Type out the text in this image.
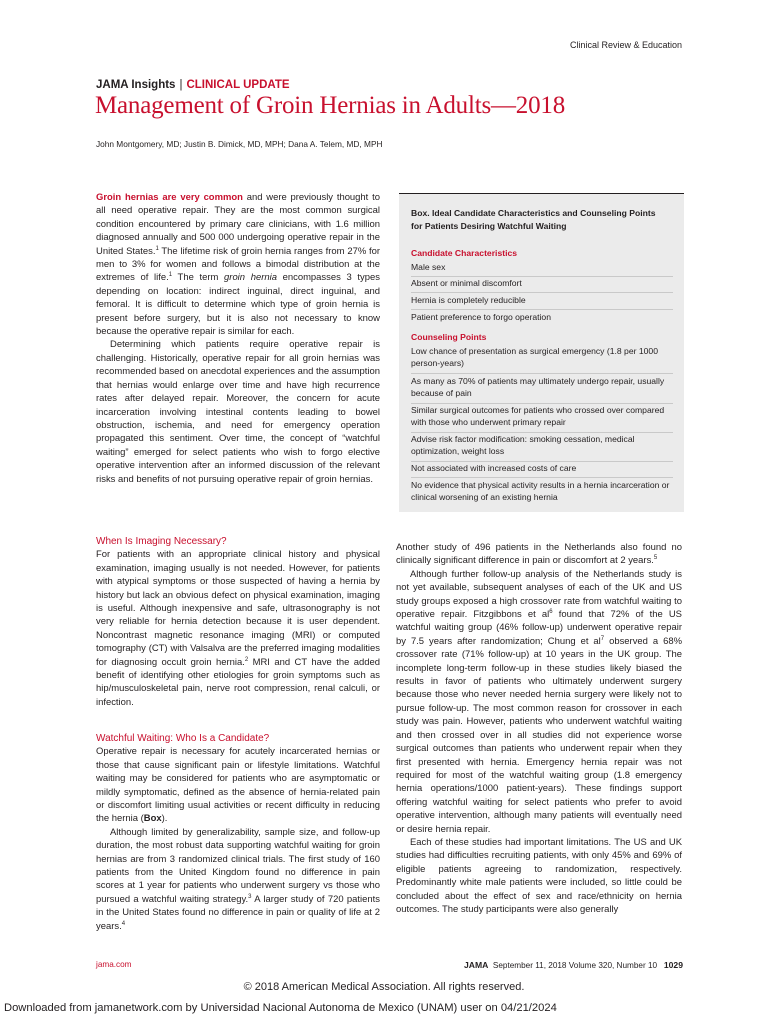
Clinical Review & Education
JAMA Insights | CLINICAL UPDATE
Management of Groin Hernias in Adults—2018
John Montgomery, MD; Justin B. Dimick, MD, MPH; Dana A. Telem, MD, MPH

Groin hernias are very common and were previously thought to all need operative repair. They are the most common surgical condition encountered by primary care clinicians, with 1.6 million diagnosed annually and 500 000 undergoing operative repair in the United States.$^1$ The lifetime risk of groin hernia ranges from 27% for men to 3% for women and follows a bimodal distribution at the extremes of life.$^1$ The term groin hernia encompasses 3 types depending on location: indirect inguinal, direct inguinal, and femoral. It is difficult to determine which type of groin hernia is present before surgery, but it is also not necessary to know because the operative repair is similar for each.

Determining which patients require operative repair is challenging. Historically, operative repair for all groin hernias was recommended based on anecdotal experiences and the assumption that hernias would enlarge over time and have high recurrence rates after delayed repair. Moreover, the concern for acute incarceration involving intestinal contents leading to bowel obstruction, ischemia, and need for emergency operation propagated this sentiment. Over time, the concept of “watchful waiting” emerged for select patients who wish to forgo elective operative intervention after an informed discussion of the relevant risks and benefits of not pursuing operative repair of groin hernias.

When Is Imaging Necessary?

For patients with an appropriate clinical history and physical examination, imaging usually is not needed. However, for patients with atypical symptoms or those suspected of having a hernia by history but lack an obvious defect on physical examination, imaging is useful. Although inexpensive and safe, ultrasonography is not very reliable for hernia detection because it is user dependent. Noncontrast magnetic resonance imaging (MRI) or computed tomography (CT) with Valsalva are the preferred imaging modalities for diagnosing occult groin hernia.$^2$ MRI and CT have the added benefit of identifying other etiologies for groin symptoms such as hip/musculoskeletal pain, nerve root compression, renal calculi, or infection.

Watchful Waiting: Who Is a Candidate?

Operative repair is necessary for acutely incarcerated hernias or those that cause significant pain or lifestyle limitations. Watchful waiting may be considered for patients who are asymptomatic or mildly symptomatic, defined as the absence of hernia-related pain or discomfort limiting usual activities or recent difficulty in reducing the hernia (Box).

Although limited by generalizability, sample size, and follow-up duration, the most robust data supporting watchful waiting for groin hernias are from 3 randomized clinical trials. The first study of 160 patients from the United Kingdom found no difference in pain scores at 1 year for patients who underwent surgery vs those who pursued a watchful waiting strategy.$^3$ A larger study of 720 patients in the United States found no difference in pain or quality of life at 2 years.$^4$

Box. Ideal Candidate Characteristics and Counseling Points for Patients Desiring Watchful Waiting
Candidate Characteristics
Male sex
Absent or minimal discomfort
Hernia is completely reducible
Patient preference to forgo operation
Counseling Points
Low chance of presentation as surgical emergency (1.8 per 1000 person-years)
As many as 70% of patients may ultimately undergo repair, usually because of pain
Similar surgical outcomes for patients who crossed over compared with those who underwent primary repair
Advise risk factor modification: smoking cessation, medical optimization, weight loss
Not associated with increased costs of care
No evidence that physical activity results in a hernia incarceration or clinical worsening of an existing hernia

Another study of 496 patients in the Netherlands also found no clinically significant difference in pain or discomfort at 2 years.$^5$

Although further follow-up analysis of the Netherlands study is not yet available, subsequent analyses of each of the UK and US study groups exposed a high crossover rate from watchful waiting to operative repair. Fitzgibbons et $al^6$ found that 72% of the US watchful waiting group (46% follow-up) underwent operative repair by 7.5 years after randomization; Chung et $al^7$ observed a 68% crossover rate (71% follow-up) at 10 years in the UK group. The incomplete long-term follow-up in these studies likely biased the results in favor of patients who ultimately underwent surgery because those who never needed hernia surgery were likely not to pursue follow-up. The most common reason for crossover in each study was pain. However, patients who underwent watchful waiting and then crossed over in all studies did not experience worse surgical outcomes than patients who underwent repair when they first presented with hernia. Emergency hernia repair was not required for most of the watchful waiting group (1.8 emergency hernia operations/1000 patient-years). These findings support offering watchful waiting for select patients who prefer to avoid operative intervention, although many patients will eventually need or desire hernia repair.

Each of these studies had important limitations. The US and UK studies had difficulties recruiting patients, with only 45% and 69% of eligible patients agreeing to randomization, respectively. Predominantly white male patients were included, so little could be concluded about the effect of sex and race/ethnicity on hernia outcomes. The study participants were also generally

jama.com	JAMA September 11, 2018 Volume 320, Number 10 1029
© 2018 American Medical Association. All rights reserved.
Downloaded from jamanetwork.com by Universidad Nacional Autonoma de Mexico (UNAM) user on 04/21/2024
